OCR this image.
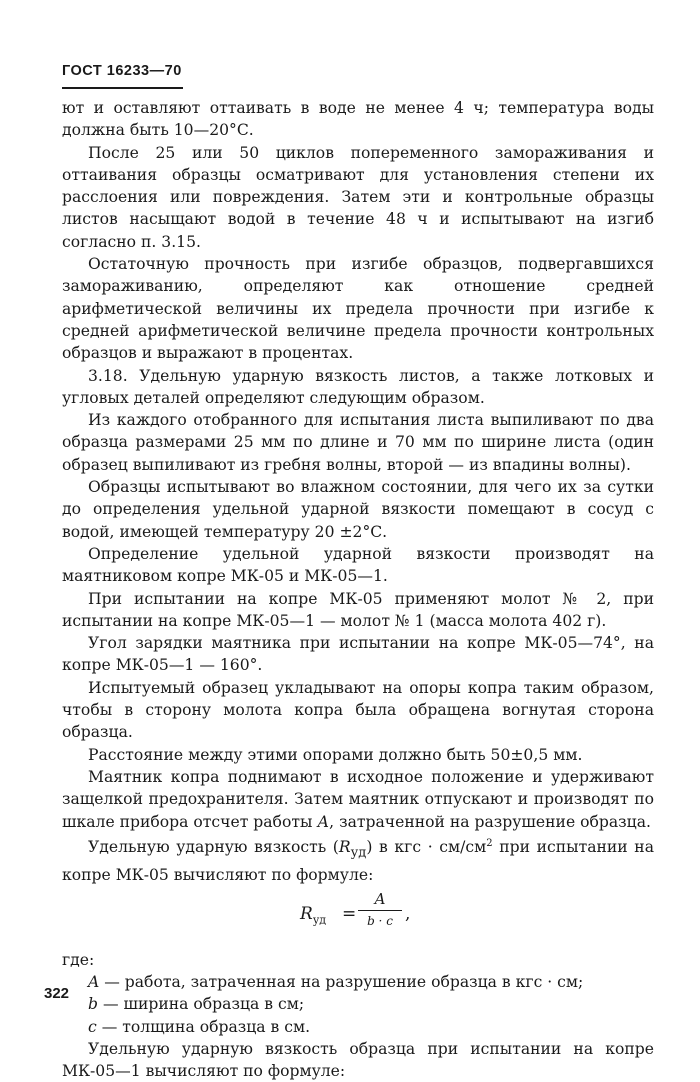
ГОСТ 16233—70

ют и оставляют оттаивать в воде не менее 4 ч; температура воды должна быть 10—20°С.

После 25 или 50 циклов попеременного замораживания и оттаивания образцы осматривают для установления степени их расслоения или повреждения. Затем эти и контрольные образцы листов насыщают водой в течение 48 ч и испытывают на изгиб согласно п. 3.15.

Остаточную прочность при изгибе образцов, подвергавшихся замораживанию, определяют как отношение средней арифметической величины их предела прочности при изгибе к средней арифметической величине предела прочности контрольных образцов и выражают в процентах.

3.18. Удельную ударную вязкость листов, а также лотковых и угловых деталей определяют следующим образом.

Из каждого отобранного для испытания листа выпиливают по два образца размерами 25 мм по длине и 70 мм по ширине листа (один образец выпиливают из гребня волны, второй — из впадины волны).

Образцы испытывают во влажном состоянии, для чего их за сутки до определения удельной ударной вязкости помещают в сосуд с водой, имеющей температуру 20 ±2°С.

Определение удельной ударной вязкости производят на маятниковом копре МК-05 и МК-05—1.

При испытании на копре МК-05 применяют молот № 2, при испытании на копре МК-05—1 — молот № 1 (масса молота 402 г).

Угол зарядки маятника при испытании на копре МК-05—74°, на копре МК-05—1 — 160°.

Испытуемый образец укладывают на опоры копра таким образом, чтобы в сторону молота копра была обращена вогнутая сторона образца.

Расстояние между этими опорами должно быть 50±0,5 мм.

Маятник копра поднимают в исходное положение и удерживают защелкой предохранителя. Затем маятник отпускают и производят по шкале прибора отсчет работы А, затраченной на разрушение образца.

Удельную ударную вязкость $(R_{уд})$ в кгс · $см/см^2$ при испытании на копре МК-05 вычисляют по формуле:

$R_{уд}$ =
A
b · c ,

где:

A — работа, затраченная на разрушение образца в кгс · см;

b — ширина образца в см;

c — толщина образца в см.

Удельную ударную вязкость образца при испытании на копре МК-05—1 вычисляют по формуле:

322
